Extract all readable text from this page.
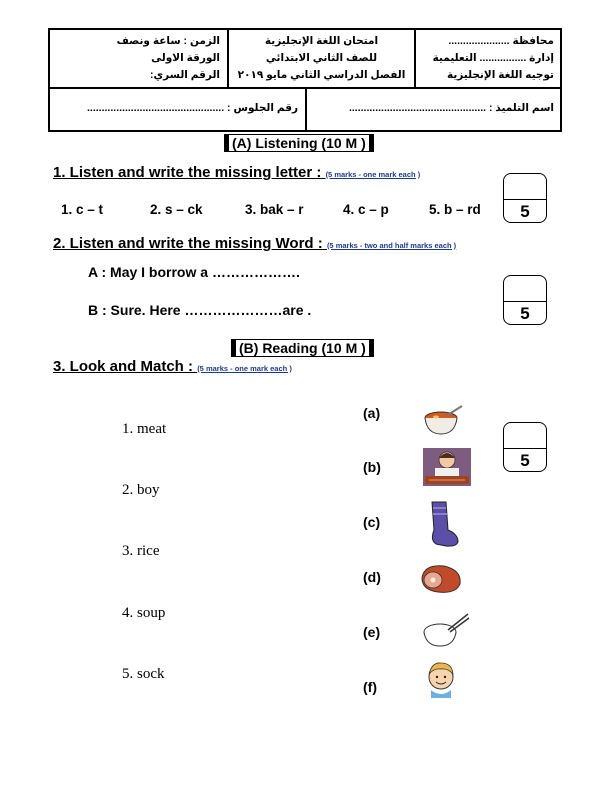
محافظة .....................
إدارة ................ التعليمية
توجيه اللغة الإنجليزية
امتحان اللغة الإنجليزية
للصف الثاني الابتدائي
الفصل الدراسي الثاني مايو ٢٠١٩
الزمن : ساعة ونصف
الورقة الاولى
الرقم السري:
اسم التلميذ : ...............................................
رقم الجلوس : ...............................................
(A) Listening (10 M )
1. Listen and write the missing letter : (5 marks - one mark each )
1. c – t	2. s – ck	3. bak – r	4. c – p	5. b – rd	5
2. Listen and write the missing Word : (5 marks - two and half marks each )
A : May I borrow a ……………….
B : Sure. Here …………………are .	5
(B) Reading (10 M )
3. Look and Match : (5 marks - one mark each )
1. meat
2. boy
3. rice
4. soup
5. sock
(a)
(b)
(c)
(d)
(e)
(f)
5
